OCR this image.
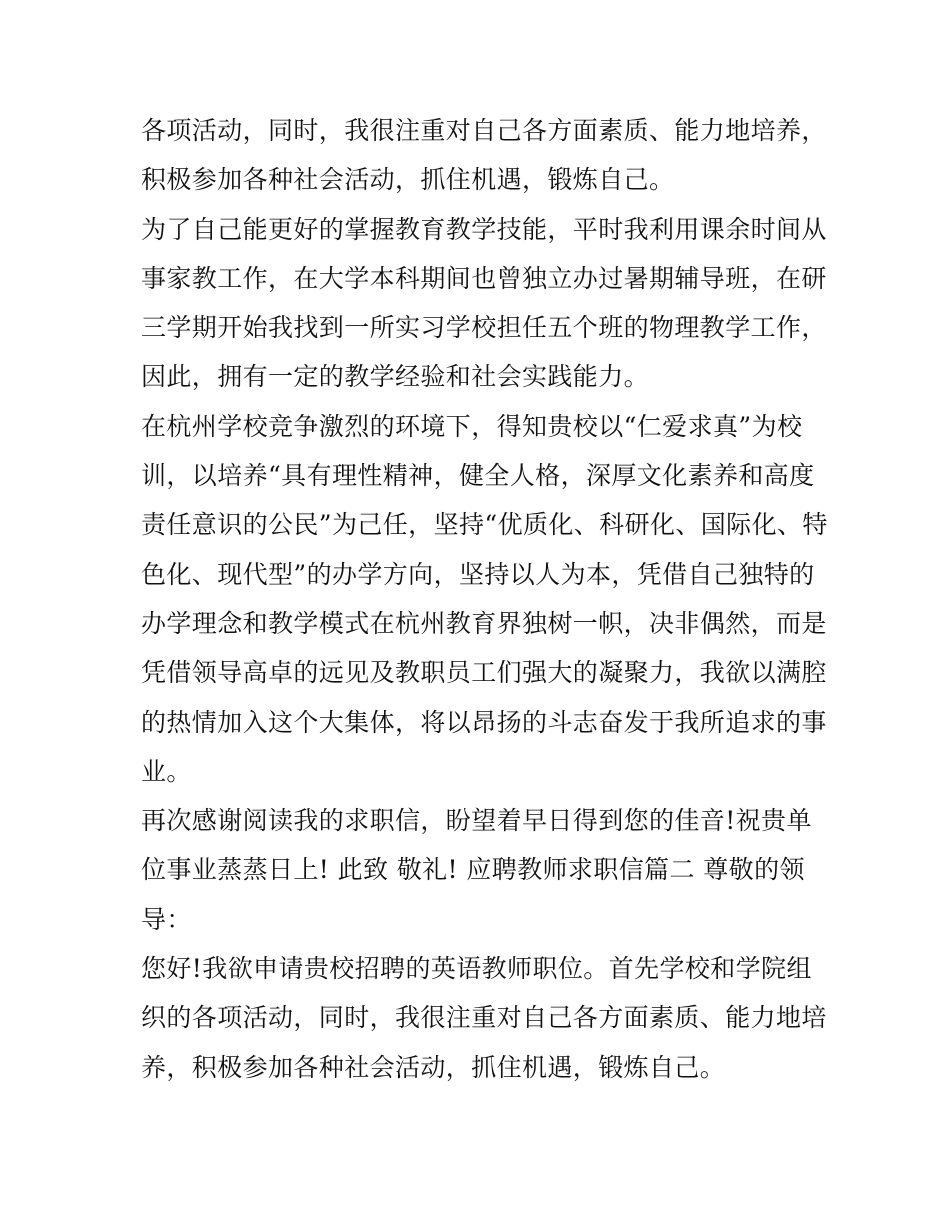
各项活动，同时，我很注重对自己各方面素质、能力地培养，
积极参加各种社会活动，抓住机遇，锻炼自己。
为了自己能更好的掌握教育教学技能，平时我利用课余时间从
事家教工作，在大学本科期间也曾独立办过暑期辅导班，在研
三学期开始我找到一所实习学校担任五个班的物理教学工作，
因此，拥有一定的教学经验和社会实践能力。
在杭州学校竞争激烈的环境下，得知贵校以“仁爱求真”为校
训，以培养“具有理性精神，健全人格，深厚文化素养和高度
责任意识的公民”为己任，坚持“优质化、科研化、国际化、特
色化、现代型”的办学方向，坚持以人为本，凭借自己独特的
办学理念和教学模式在杭州教育界独树一帜，决非偶然，而是
凭借领导高卓的远见及教职员工们强大的凝聚力，我欲以满腔
的热情加入这个大集体，将以昂扬的斗志奋发于我所追求的事
业。
再次感谢阅读我的求职信，盼望着早日得到您的佳音!祝贵单
位事业蒸蒸日上! 此致 敬礼! 应聘教师求职信篇二 尊敬的领
导：
您好!我欲申请贵校招聘的英语教师职位。首先学校和学院组
织的各项活动，同时，我很注重对自己各方面素质、能力地培
养，积极参加各种社会活动，抓住机遇，锻炼自己。
